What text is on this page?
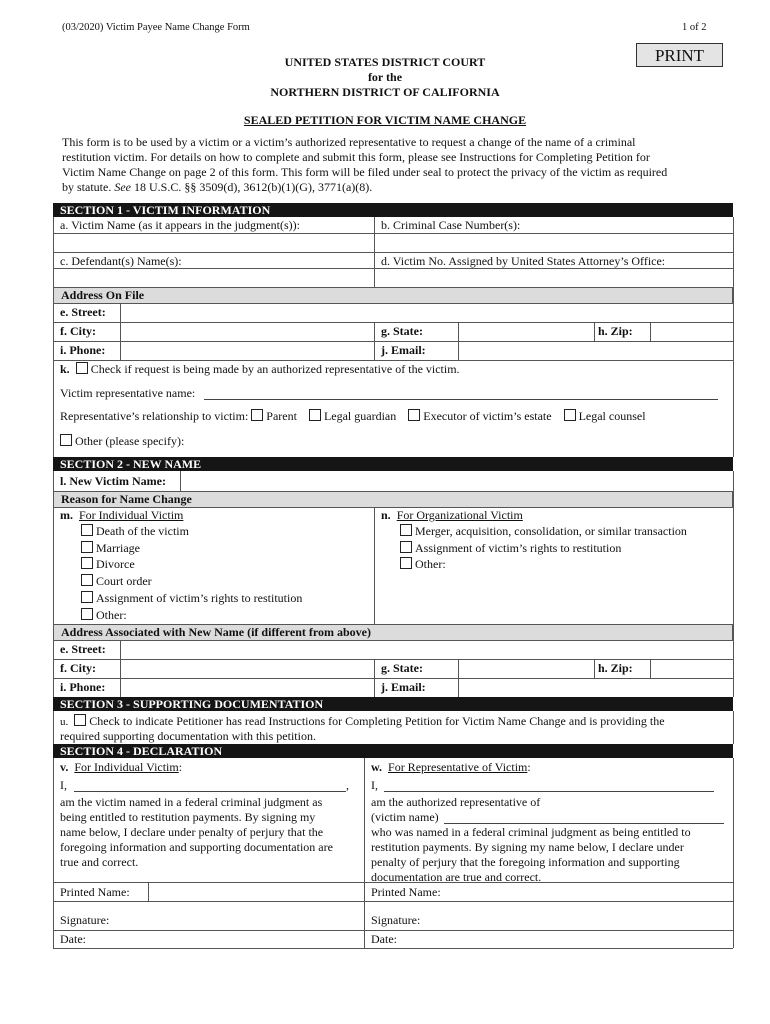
(03/2020) Victim Payee Name Change Form	1 of 2
PRINT
UNITED STATES DISTRICT COURT
for the
NORTHERN DISTRICT OF CALIFORNIA
SEALED PETITION FOR VICTIM NAME CHANGE
This form is to be used by a victim or a victim’s authorized representative to request a change of the name of a criminal
restitution victim. For details on how to complete and submit this form, please see Instructions for Completing Petition for
Victim Name Change on page 2 of this form. This form will be filed under seal to protect the privacy of the victim as required
by statute. See 18 U.S.C. §§ 3509(d), 3612(b)(1)(G), 3771(a)(8).
SECTION 1 - VICTIM INFORMATION
a. Victim Name (as it appears in the judgment(s)):	b. Criminal Case Number(s):
c. Defendant(s) Name(s):	d. Victim No. Assigned by United States Attorney’s Office:
Address On File
e. Street:
f. City:	g. State:	h. Zip:
i. Phone:	j. Email:
k. Check if request is being made by an authorized representative of the victim.
Victim representative name:
Representative’s relationship to victim: Parent Legal guardian Executor of victim’s estate Legal counsel
Other (please specify):
SECTION 2 - NEW NAME
l. New Victim Name:
Reason for Name Change
m. For Individual Victim
Death of the victim
Marriage
Divorce
Court order
Assignment of victim’s rights to restitution
Other:
n. For Organizational Victim
Merger, acquisition, consolidation, or similar transaction
Assignment of victim’s rights to restitution
Other:
Address Associated with New Name (if different from above)
e. Street:
f. City:	g. State:	h. Zip:
i. Phone:	j. Email:
SECTION 3 - SUPPORTING DOCUMENTATION
u. Check to indicate Petitioner has read Instructions for Completing Petition for Victim Name Change and is providing the
required supporting documentation with this petition.
SECTION 4 - DECLARATION
v. For Individual Victim:
I,	,
am the victim named in a federal criminal judgment as
being entitled to restitution payments. By signing my
name below, I declare under penalty of perjury that the
foregoing information and supporting documentation are
true and correct.
w. For Representative of Victim:
I,
am the authorized representative of
(victim name)
who was named in a federal criminal judgment as being entitled to
restitution payments. By signing my name below, I declare under
penalty of perjury that the foregoing information and supporting
documentation are true and correct.
Printed Name:	Printed Name:
Signature:	Signature:
Date:	Date:
